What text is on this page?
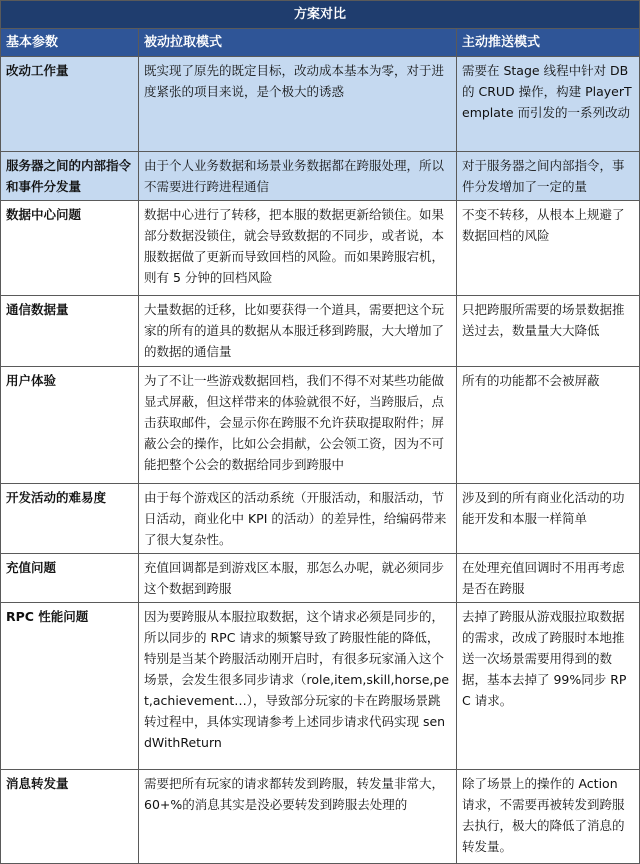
方案对比		
基本参数	被动拉取模式	主动推送模式
改动工作量	既实现了原先的既定目标，改动成本基本为零，对于进度紧张的项目来说，是个极大的诱惑	需要在 Stage 线程中针对 DB 的 CRUD 操作，构建 PlayerTemplate 而引发的一系列改动
服务器之间的内部指令和事件分发量	由于个人业务数据和场景业务数据都在跨服处理，所以不需要进行跨进程通信	对于服务器之间内部指令，事件分发增加了一定的量
数据中心问题	数据中心进行了转移，把本服的数据更新给锁住。如果部分数据没锁住，就会导致数据的不同步，或者说，本服数据做了更新而导致回档的风险。而如果跨服宕机，则有 5 分钟的回档风险	不变不转移，从根本上规避了数据回档的风险
通信数据量	大量数据的迁移，比如要获得一个道具，需要把这个玩家的所有的道具的数据从本服迁移到跨服，大大增加了的数据的通信量	只把跨服所需要的场景数据推送过去，数量量大大降低
用户体验	为了不让一些游戏数据回档，我们不得不对某些功能做显式屏蔽，但这样带来的体验就很不好，当跨服后，点击获取邮件，会显示你在跨服不允许获取提取附件；屏蔽公会的操作，比如公会捐献，公会领工资，因为不可能把整个公会的数据给同步到跨服中	所有的功能都不会被屏蔽
开发活动的难易度	由于每个游戏区的活动系统（开服活动，和服活动，节日活动，商业化中 KPI 的活动）的差异性，给编码带来了很大复杂性。	涉及到的所有商业化活动的功能开发和本服一样简单
充值问题	充值回调都是到游戏区本服，那怎么办呢，就必须同步这个数据到跨服	在处理充值回调时不用再考虑是否在跨服
RPC 性能问题	因为要跨服从本服拉取数据，这个请求必须是同步的，所以同步的 RPC 请求的频繁导致了跨服性能的降低，特别是当某个跨服活动刚开启时，有很多玩家涌入这个场景，会发生很多同步请求（role,item,skill,horse,pet,achievement…），导致部分玩家的卡在跨服场景跳转过程中，具体实现请参考上述同步请求代码实现 sendWithReturn	去掉了跨服从游戏服拉取数据的需求，改成了跨服时本地推送一次场景需要用得到的数据，基本去掉了 99%同步 RPC 请求。
消息转发量	需要把所有玩家的请求都转发到跨服，转发量非常大，60+%的消息其实是没必要转发到跨服去处理的	除了场景上的操作的 Action 请求，不需要再被转发到跨服去执行，极大的降低了消息的转发量。
